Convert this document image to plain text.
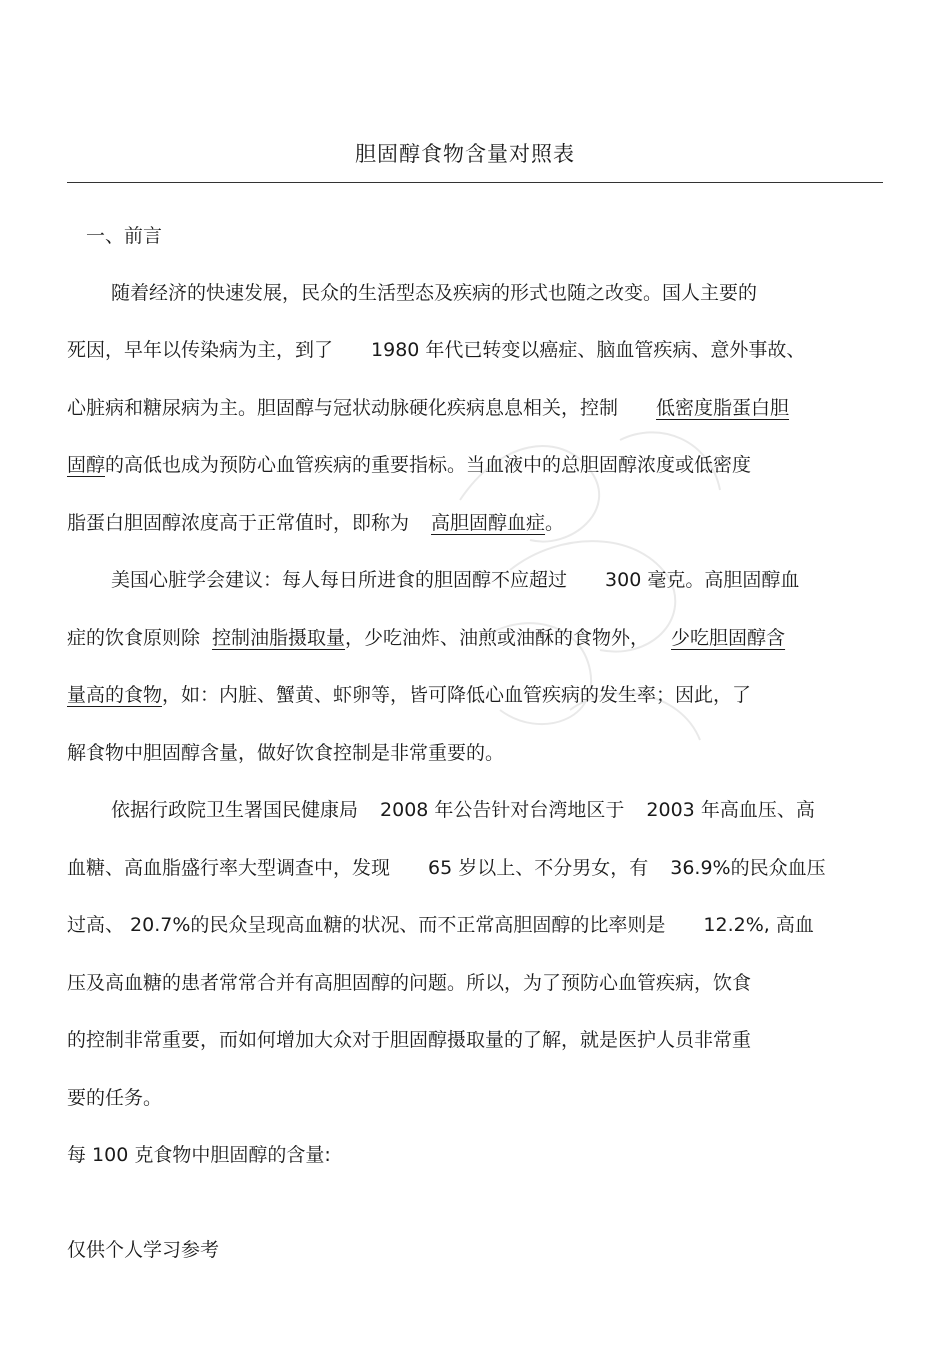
胆固醇食物含量对照表
一、前言
随着经济的快速发展，民众的生活型态及疾病的形式也随之改变。国人主要的
死因，早年以传染病为主，到了 1980 年代已转变以癌症、脑血管疾病、意外事故、
心脏病和糖尿病为主。胆固醇与冠状动脉硬化疾病息息相关，控制 低密度脂蛋白胆
固醇的高低也成为预防心血管疾病的重要指标。当血液中的总胆固醇浓度或低密度
脂蛋白胆固醇浓度高于正常值时，即称为 高胆固醇血症。
美国心脏学会建议：每人每日所进食的胆固醇不应超过 300 毫克。高胆固醇血
症的饮食原则除 控制油脂摄取量，少吃油炸、油煎或油酥的食物外， 少吃胆固醇含
量高的食物，如：内脏、蟹黄、虾卵等，皆可降低心血管疾病的发生率；因此，了
解食物中胆固醇含量，做好饮食控制是非常重要的。
依据行政院卫生署国民健康局 2008 年公告针对台湾地区于 2003 年高血压、高
血糖、高血脂盛行率大型调查中，发现 65 岁以上、不分男女，有 36.9%的民众血压
过高、 20.7%的民众呈现高血糖的状况、而不正常高胆固醇的比率则是 12.2%, 高血
压及高血糖的患者常常合并有高胆固醇的问题。所以，为了预防心血管疾病，饮食
的控制非常重要，而如何增加大众对于胆固醇摄取量的了解，就是医护人员非常重
要的任务。
每 100 克食物中胆固醇的含量:
仅供个人学习参考
